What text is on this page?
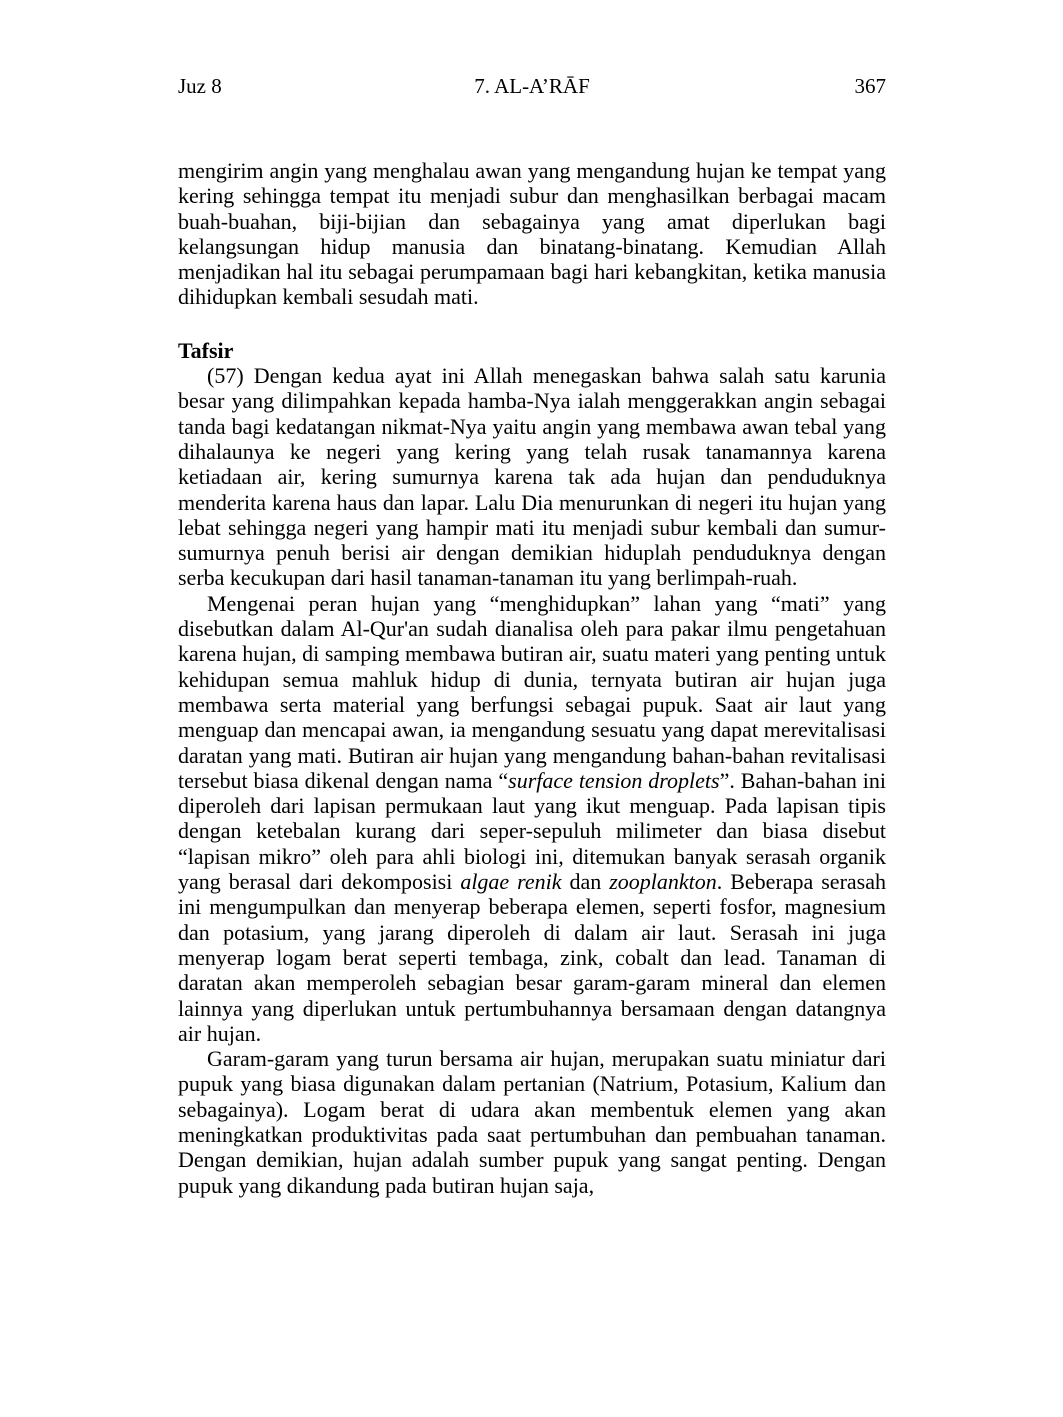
Juz 8	7. AL-A’RĀF	367

mengirim angin yang menghalau awan yang mengandung hujan ke tempat yang kering sehingga tempat itu menjadi subur dan menghasilkan berbagai macam buah-buahan, biji-bijian dan sebagainya yang amat diperlukan bagi kelangsungan hidup manusia dan binatang-binatang. Kemudian Allah menjadikan hal itu sebagai perumpamaan bagi hari kebangkitan, ketika manusia dihidupkan kembali sesudah mati.

Tafsir

(57) Dengan kedua ayat ini Allah menegaskan bahwa salah satu karunia besar yang dilimpahkan kepada hamba-Nya ialah menggerakkan angin sebagai tanda bagi kedatangan nikmat-Nya yaitu angin yang membawa awan tebal yang dihalaunya ke negeri yang kering yang telah rusak tanamannya karena ketiadaan air, kering sumurnya karena tak ada hujan dan penduduknya menderita karena haus dan lapar. Lalu Dia menurunkan di negeri itu hujan yang lebat sehingga negeri yang hampir mati itu menjadi subur kembali dan sumur-sumurnya penuh berisi air dengan demikian hiduplah penduduknya dengan serba kecukupan dari hasil tanaman-tanaman itu yang berlimpah-ruah.

Mengenai peran hujan yang “menghidupkan” lahan yang “mati” yang disebutkan dalam Al-Qur'an sudah dianalisa oleh para pakar ilmu pengetahuan karena hujan, di samping membawa butiran air, suatu materi yang penting untuk kehidupan semua mahluk hidup di dunia, ternyata butiran air hujan juga membawa serta material yang berfungsi sebagai pupuk. Saat air laut yang menguap dan mencapai awan, ia mengandung sesuatu yang dapat merevitalisasi daratan yang mati. Butiran air hujan yang mengandung bahan-bahan revitalisasi tersebut biasa dikenal dengan nama “surface tension droplets”. Bahan-bahan ini diperoleh dari lapisan permukaan laut yang ikut menguap. Pada lapisan tipis dengan ketebalan kurang dari seper-sepuluh milimeter dan biasa disebut “lapisan mikro” oleh para ahli biologi ini, ditemukan banyak serasah organik yang berasal dari dekomposisi algae renik dan zooplankton. Beberapa serasah ini mengumpulkan dan menyerap beberapa elemen, seperti fosfor, magnesium dan potasium, yang jarang diperoleh di dalam air laut. Serasah ini juga menyerap logam berat seperti tembaga, zink, cobalt dan lead. Tanaman di daratan akan memperoleh sebagian besar garam-garam mineral dan elemen lainnya yang diperlukan untuk pertumbuhannya bersamaan dengan datangnya air hujan.

Garam-garam yang turun bersama air hujan, merupakan suatu miniatur dari pupuk yang biasa digunakan dalam pertanian (Natrium, Potasium, Kalium dan sebagainya). Logam berat di udara akan membentuk elemen yang akan meningkatkan produktivitas pada saat pertumbuhan dan pembuahan tanaman. Dengan demikian, hujan adalah sumber pupuk yang sangat penting. Dengan pupuk yang dikandung pada butiran hujan saja,
